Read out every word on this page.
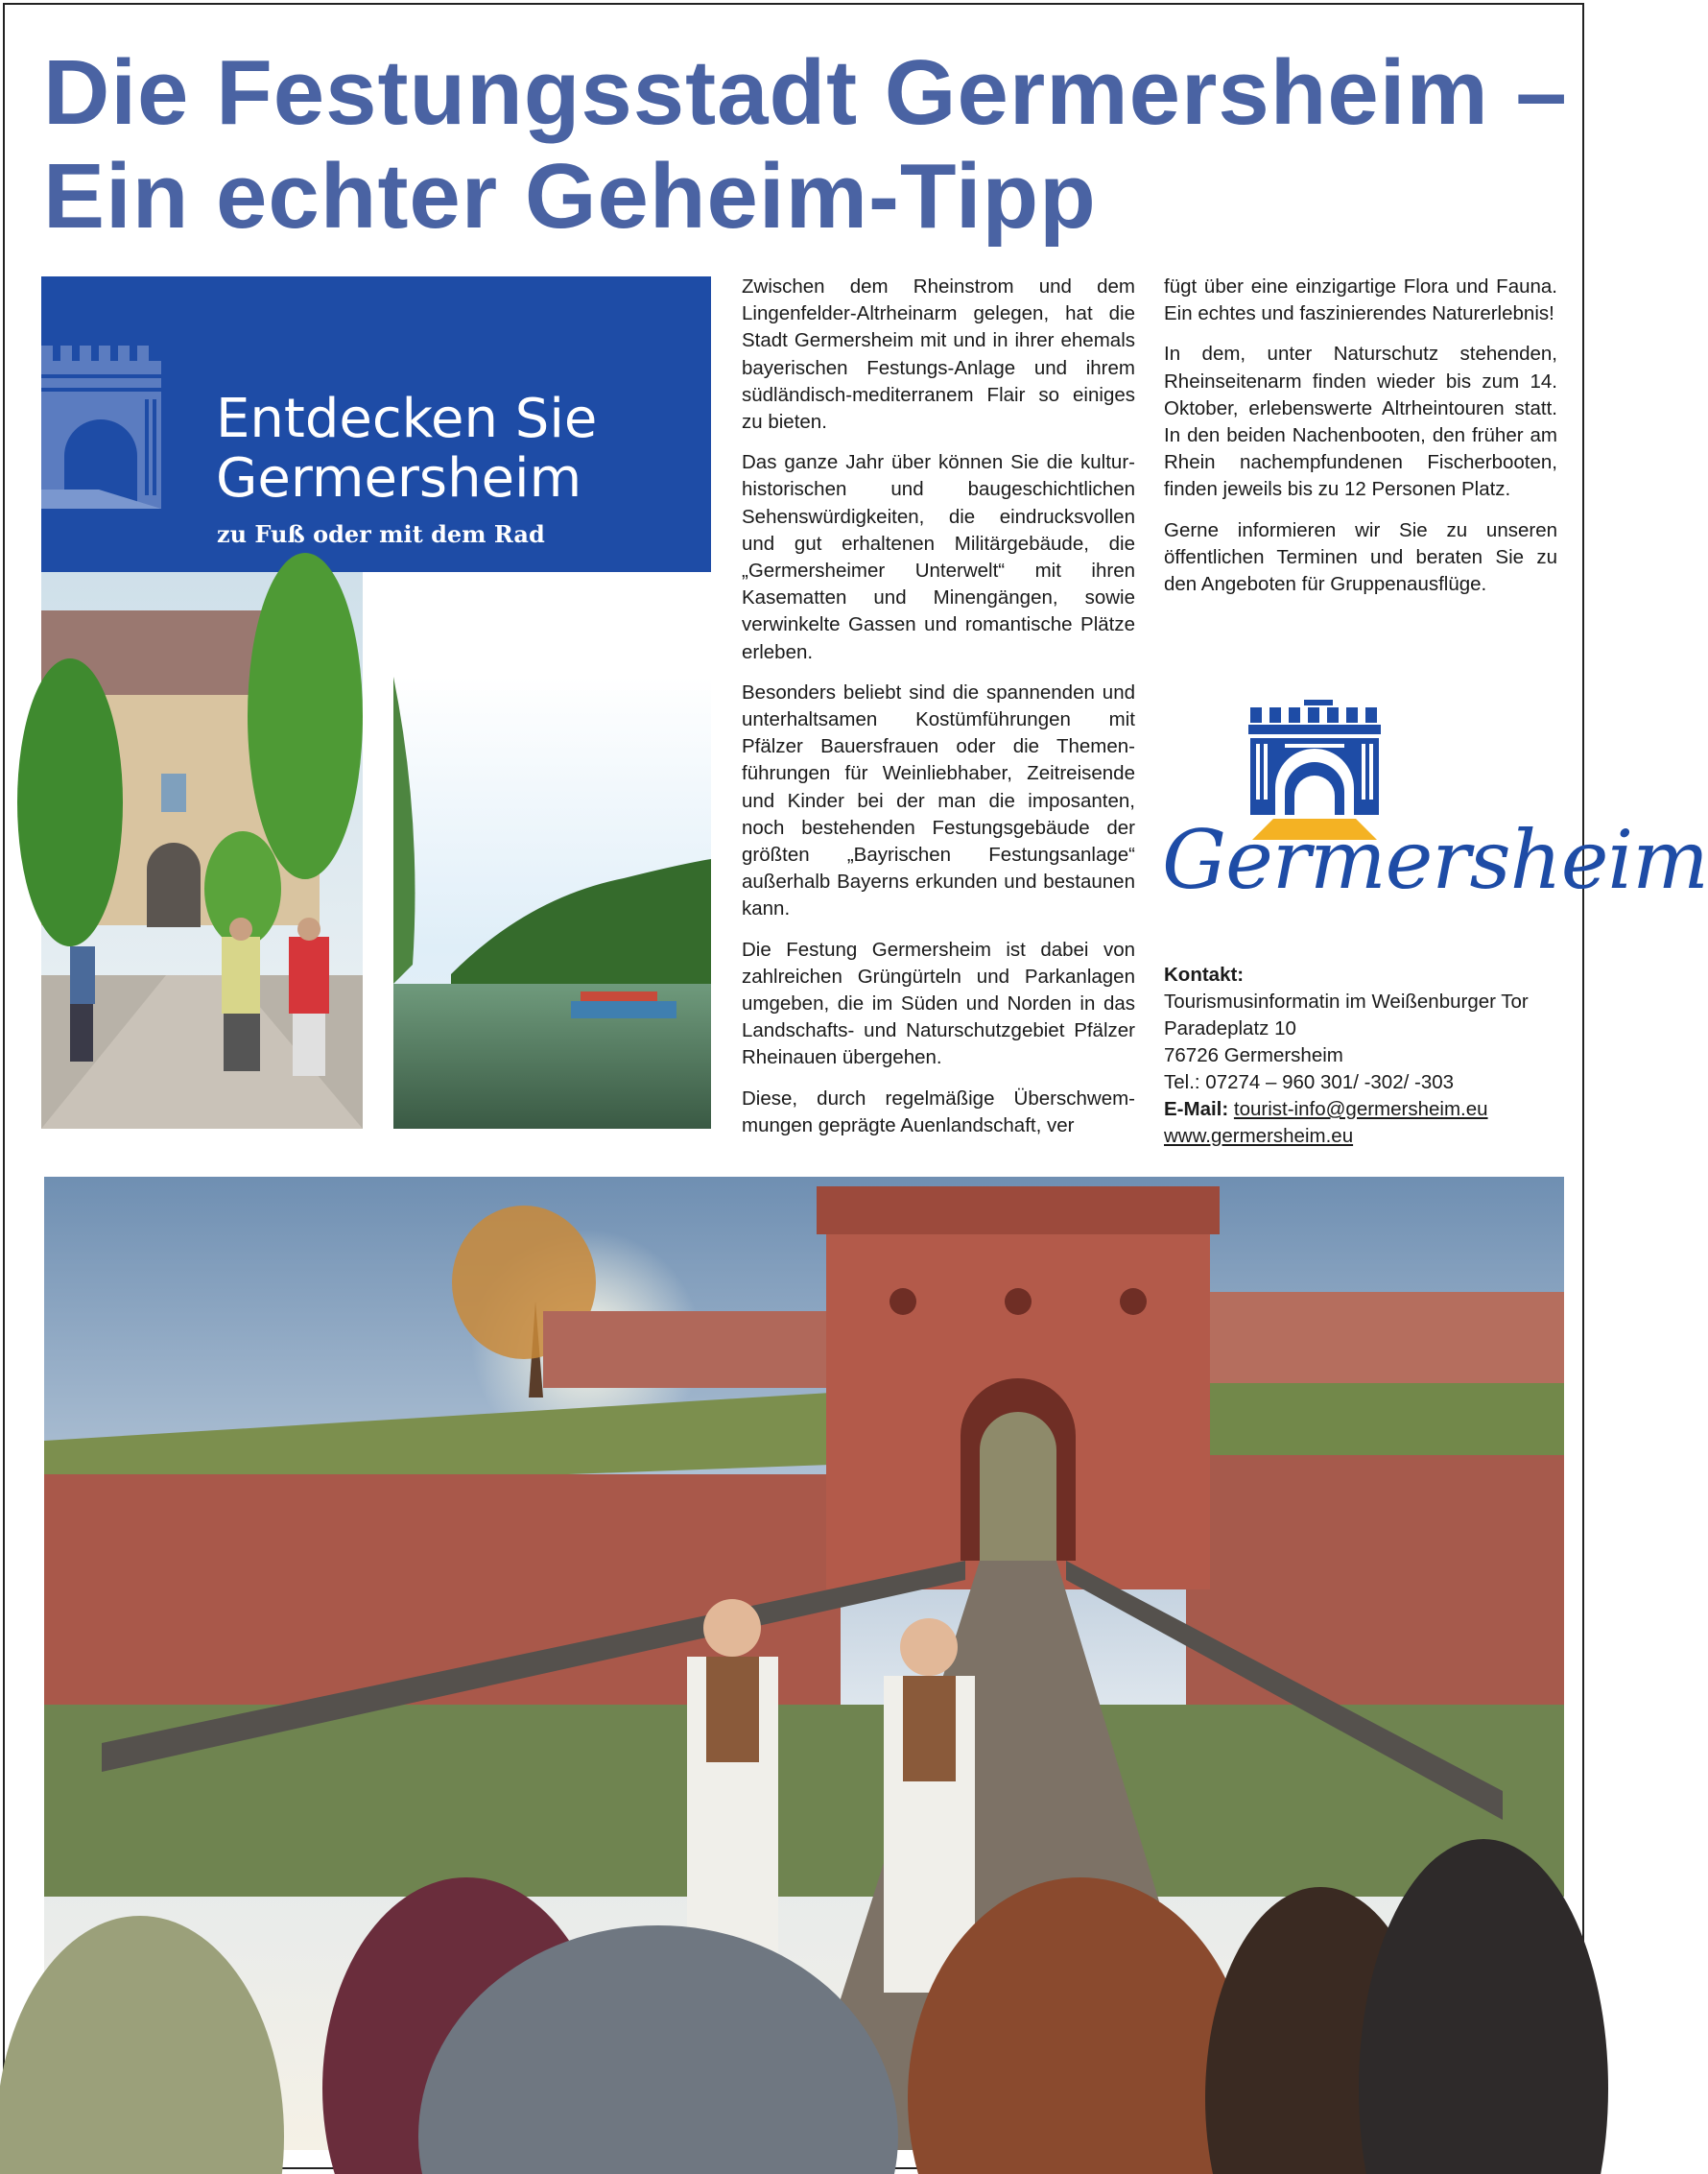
Die Festungsstadt Germersheim –
Ein echter Geheim-Tipp
Entdecken Sie
Germersheim
zu Fuß oder mit dem Rad

Zwischen dem Rheinstrom und dem Lingenfelder-Altrheinarm gelegen, hat die Stadt Germersheim mit und in ihrer ehemals bayerischen Festungs-Anlage und ihrem südländisch-mediterranem Flair so einiges zu bieten.

Das ganze Jahr über können Sie die kulturhistorischen und baugeschichtlichen Sehenswürdigkeiten, die eindrucksvollen und gut erhaltenen Militärgebäude, die „Germersheimer Unterwelt“ mit ihren Kasematten und Minengängen, sowie verwinkelte Gassen und romantische Plätze erleben.

Besonders beliebt sind die spannenden und unterhaltsamen Kostümführungen mit Pfälzer Bauersfrauen oder die Themenführungen für Weinliebhaber, Zeitreisende und Kinder bei der man die imposanten, noch bestehenden Festungsgebäude der größten „Bayrischen Festungsanlage“ außerhalb Bayerns erkunden und bestaunen kann.

Die Festung Germersheim ist dabei von zahlreichen Grüngürteln und Parkanlagen umgeben, die im Süden und Norden in das Landschafts- und Naturschutzgebiet Pfälzer Rheinauen übergehen.

Diese, durch regelmäßige Überschwemmungen geprägte Auenlandschaft, ver

fügt über eine einzigartige Flora und Fauna. Ein echtes und faszinierendes Naturerlebnis!

In dem, unter Naturschutz stehenden, Rheinseitenarm finden wieder bis zum 14. Oktober, erlebenswerte Altrheintouren statt. In den beiden Nachenbooten, den früher am Rhein nachempfundenen Fischerbooten, finden jeweils bis zu 12 Personen Platz.

Gerne informieren wir Sie zu unseren öffentlichen Terminen und beraten Sie zu den Angeboten für Gruppenausflüge.

Germersheim
Kontakt:
Tourismusinformatin im Weißenburger Tor
Paradeplatz 10
76726 Germersheim
Tel.: 07274 – 960 301/ -302/ -303
E-Mail: tourist-info@germersheim.eu
www.germersheim.eu
